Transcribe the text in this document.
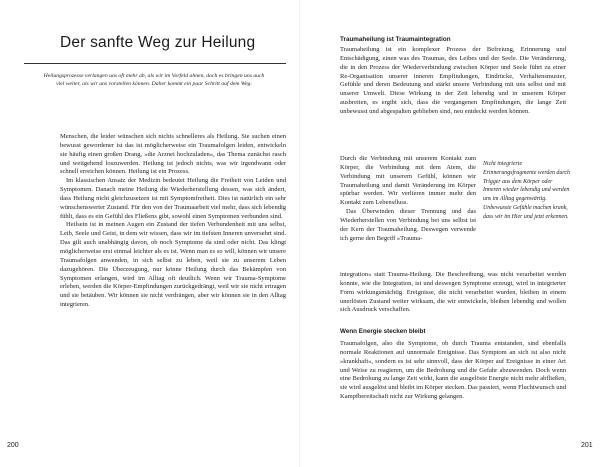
Der sanfte Weg zur Heilung

Heilungsprozesse verlangen uns oft mehr ab, als wir im Vorfeld ahnen, doch es bringen uns auch viel weiter, als wir uns vorstellen können. Daher kommt ein paar Schritt auf dem Weg.

Menschen, die leider wünschen sich nichts schnelleres als Heilung. Sie suchen einen bewusst gewordener ist das ist möglicherweise ein Traumafolgen leiden, entwickeln sie häufig einen großen Drang, »die Arznei hochzuladen«, das Thema zunächst rasch und weitgehend loszuwerden. Heilung ist jedoch nichts, was wir irgendwann oder schnell erreichen können. Heilung ist ein Prozess.

Im klassischen Ansatz der Medizin bedeutet Heilung die Freiheit von Leiden und Symptomen. Danach meine Heilung die Wiederherstellung dessen, was sich ändert, dass Heilung nicht gleichzusetzen ist mit Symptomfreiheit. Dies ist natürlich ein sehr wünschenswerter Zustand. Für den von der Traumaarbeit viel mehr, dass sich lebendig fühlt, dass es ein Gefühl des Fließens gibt, sowohl einen Symptomen verbunden sind.

Heilsein ist in meinen Augen ein Zustand der tiefen Verbundenheit mit uns selbst, Leib, Seele und Geist, in dem wir wissen, dass wir im tiefsten Inneren unversehrt sind. Das gilt auch unabhängig davon, ob noch Symptome da sind oder nicht. Das klingt möglicherweise erst einmal leichter als es ist. Wenn man es so will, können wir unsere Traumafolgen anwenden, in sich selbst zu leben, weil sie zu unserem Leben dazugehören. Die Überzeugung, nur könne Heilung durch das Bekämpfen von Symptomen erlangen, wird im Alltag oft deutlich. Wenn wir Trauma-Symptome erleben, werden die Körper-Empfindungen zurückgedrängt, weil wir sie nicht ertragen und sie betäuben. Wir können sie nicht verdrängen, aber wir können sie in den Alltag integrieren.

200
Traumaheilung ist Traumaintegration

Traumaheilung ist ein komplexer Prozess der Befreiung, Erinnerung und Entschädigung, einen was des Traumas, des Leibes und der Seele. Die Veränderung, die in den Prozess der Wiederverbindung zwischen Körper und Seele führt zu einer Re-Organisation unserer inneren Empfindungen, Eindrücke, Verhaltensmuster, Gefühle und deren Bedeutung und stärkt unsere Verbindung mit uns selbst und mit unserer Umwelt. Diese Wirkung in der Zeit lebendig und in unserem Körper ausbreiten, es ergibt sich, dass die vergangenen Empfindungen, die lange Zeit unbewusst und abgespalten geblieben sind, neu entdeckt werden können.

Durch die Verbindung mit unserem Kontakt zum Körper, die Verbindung mit dem Atem, die Verbindung mit unserem Gefühl, können wir Traumaheilung und damit Veränderung im Körper spürbar werden. Wir verlieren immer mehr den Kontakt zum Lebensfluss.

Das Überwinden dieser Trennung und das Wiederherstellen von Verbindung bei uns selbst ist der Kern der Traumaheilung. Deswegen verwende ich gerne den Begriff »Trauma-

Nicht integrierte Erinnerungsfragmente werden durch Trigger aus dem Körper oder Inneren wieder lebendig und werden uns im Alltag gegenwärtig. Unbewusste Gefühle machen krank, dass wir im Hier und jetzt erkennen.

integration« statt Trauma-Heilung. Die Beschreibung, was nicht verarbeitet werden konnte, wie die Integration, ist und deswegen Symptome erzeugt, wird in integrierter Form wirkungsmächtig. Ereignisse, die nicht verarbeitet wurden, bleiben in einem unerlösten Zustand weiter wirksam, die wir entwickeln, bleiben lebendig und wollen sich Ausdruck verschaffen.

Wenn Energie stecken bleibt

Traumafolgen, also die Symptome, ob durch Trauma entstanden, sind ebenfalls normale Reaktionen auf unnormale Ereignisse. Das Symptom an sich ist also nicht »krankhaft«, sondern es ist sehr sinnvoll, dass der Körper auf Ereignisse in einer Art und Weise zu reagieren, um die Bedrohung und die Gefahr abzuwenden. Doch wenn eine Bedrohung zu lange Zeit wirkt, kann die ausgelöste Energie nicht mehr abfließen, sie wird ausgelöst und bleibt im Körper stecken. Das passiert, wenn Fluchtwunsch und Kampfbereitschaft nicht zur Wirkung gelangen.

201
